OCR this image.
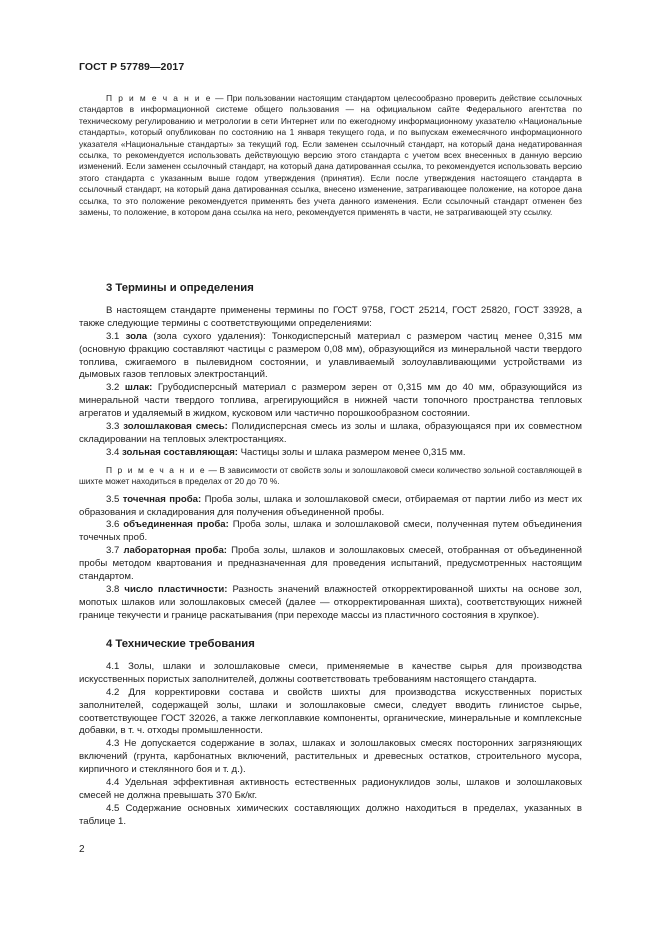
ГОСТ Р 57789—2017

П р и м е ч а н и е — При пользовании настоящим стандартом целесообразно проверить действие ссылочных стандартов в информационной системе общего пользования — на официальном сайте Федерального агентства по техническому регулированию и метрологии в сети Интернет или по ежегодному информационному указателю «Национальные стандарты», который опубликован по состоянию на 1 января текущего года, и по выпускам ежемесячного информационного указателя «Национальные стандарты» за текущий год. Если заменен ссылочный стандарт, на который дана недатированная ссылка, то рекомендуется использовать действующую версию этого стандарта с учетом всех внесенных в данную версию изменений. Если заменен ссылочный стандарт, на который дана датированная ссылка, то рекомендуется использовать версию этого стандарта с указанным выше годом утверждения (принятия). Если после утверждения настоящего стандарта в ссылочный стандарт, на который дана датированная ссылка, внесено изменение, затрагивающее положение, на которое дана ссылка, то это положение рекомендуется применять без учета данного изменения. Если ссылочный стандарт отменен без замены, то положение, в котором дана ссылка на него, рекомендуется применять в части, не затрагивающей эту ссылку.

3 Термины и определения

В настоящем стандарте применены термины по ГОСТ 9758, ГОСТ 25214, ГОСТ 25820, ГОСТ 33928, а также следующие термины с соответствующими определениями:

3.1 зола (зола сухого удаления): Тонкодисперсный материал с размером частиц менее 0,315 мм (основную фракцию составляют частицы с размером 0,08 мм), образующийся из минеральной части твердого топлива, сжигаемого в пылевидном состоянии, и улавливаемый золоулавливающими устройствами из дымовых газов тепловых электростанций.

3.2 шлак: Грубодисперсный материал с размером зерен от 0,315 мм до 40 мм, образующийся из минеральной части твердого топлива, агрегирующийся в нижней части топочного пространства тепловых агрегатов и удаляемый в жидком, кусковом или частично порошкообразном состоянии.

3.3 золошлаковая смесь: Полидисперсная смесь из золы и шлака, образующаяся при их совместном складировании на тепловых электростанциях.

3.4 зольная составляющая: Частицы золы и шлака размером менее 0,315 мм.

П р и м е ч а н и е — В зависимости от свойств золы и золошлаковой смеси количество зольной составляющей в шихте может находиться в пределах от 20 до 70 %.

3.5 точечная проба: Проба золы, шлака и золошлаковой смеси, отбираемая от партии либо из мест их образования и складирования для получения объединенной пробы.

3.6 объединенная проба: Проба золы, шлака и золошлаковой смеси, полученная путем объединения точечных проб.

3.7 лабораторная проба: Проба золы, шлаков и золошлаковых смесей, отобранная от объединенной пробы методом квартования и предназначенная для проведения испытаний, предусмотренных настоящим стандартом.

3.8 число пластичности: Разность значений влажностей откорректированной шихты на основе зол, мопотых шлаков или золошлаковых смесей (далее — откорректированная шихта), соответствующих нижней границе текучести и границе раскатывания (при переходе массы из пластичного состояния в хрупкое).

4 Технические требования

4.1 Золы, шлаки и золошлаковые смеси, применяемые в качестве сырья для производства искусственных пористых заполнителей, должны соответствовать требованиям настоящего стандарта.

4.2 Для корректировки состава и свойств шихты для производства искусственных пористых заполнителей, содержащей золы, шлаки и золошлаковые смеси, следует вводить глинистое сырье, соответствующее ГОСТ 32026, а также легкоплавкие компоненты, органические, минеральные и комплексные добавки, в т. ч. отходы промышленности.

4.3 Не допускается содержание в золах, шлаках и золошлаковых смесях посторонних загрязняющих включений (грунта, карбонатных включений, растительных и древесных остатков, строительного мусора, кирпичного и стеклянного боя и т. д.).

4.4 Удельная эффективная активность естественных радионуклидов золы, шлаков и золошлаковых смесей не должна превышать 370 Бк/кг.

4.5 Содержание основных химических составляющих должно находиться в пределах, указанных в таблице 1.

2
